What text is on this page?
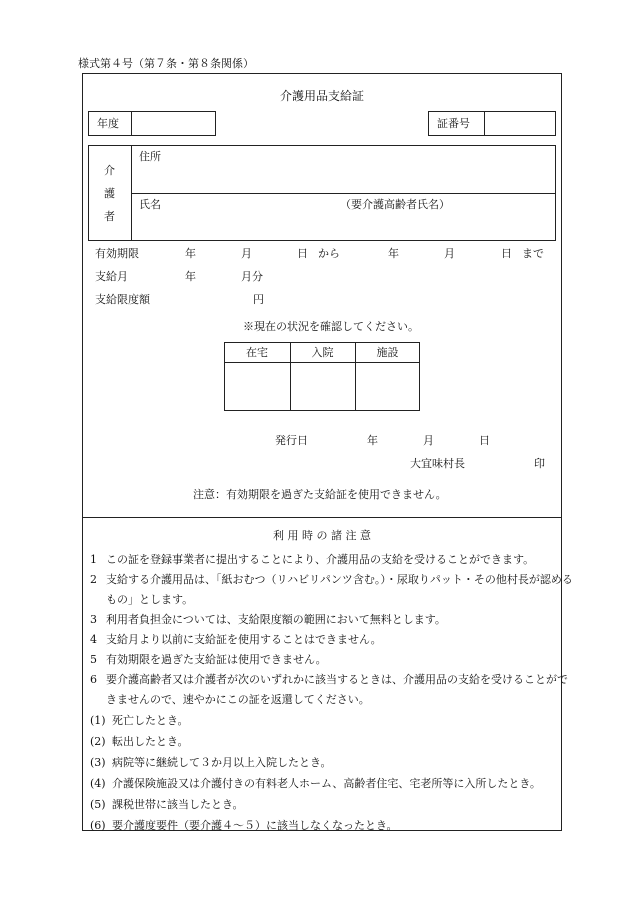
様式第４号（第７条・第８条関係）
介護用品支給証
年度	証番号
介
護
者
住所
氏名	（要介護高齢者氏名）
有効期限	年	月	日 から	年	月	日 まで
支給月	年	月分
支給限度額	円
※現在の状況を確認してください。
在宅	入院	施設
発行日	年	月	日
大宜味村長	印
注意：有効期限を過ぎた支給証を使用できません。
利 用 時 の 諸 注 意
1 この証を登録事業者に提出することにより、介護用品の支給を受けることができます。
2 支給する介護用品は、「紙おむつ（リハビリパンツ含む。）・尿取りパット・その他村長が認める
もの」とします。
3 利用者負担金については、支給限度額の範囲において無料とします。
4 支給月より以前に支給証を使用することはできません。
5 有効期限を過ぎた支給証は使用できません。
6 要介護高齢者又は介護者が次のいずれかに該当するときは、介護用品の支給を受けることがで
きませんので、速やかにこの証を返還してください。
(1) 死亡したとき。
(2) 転出したとき。
(3) 病院等に継続して３か月以上入院したとき。
(4) 介護保険施設又は介護付きの有料老人ホーム、高齢者住宅、宅老所等に入所したとき。
(5) 課税世帯に該当したとき。
(6) 要介護度要件（要介護４～５）に該当しなくなったとき。
